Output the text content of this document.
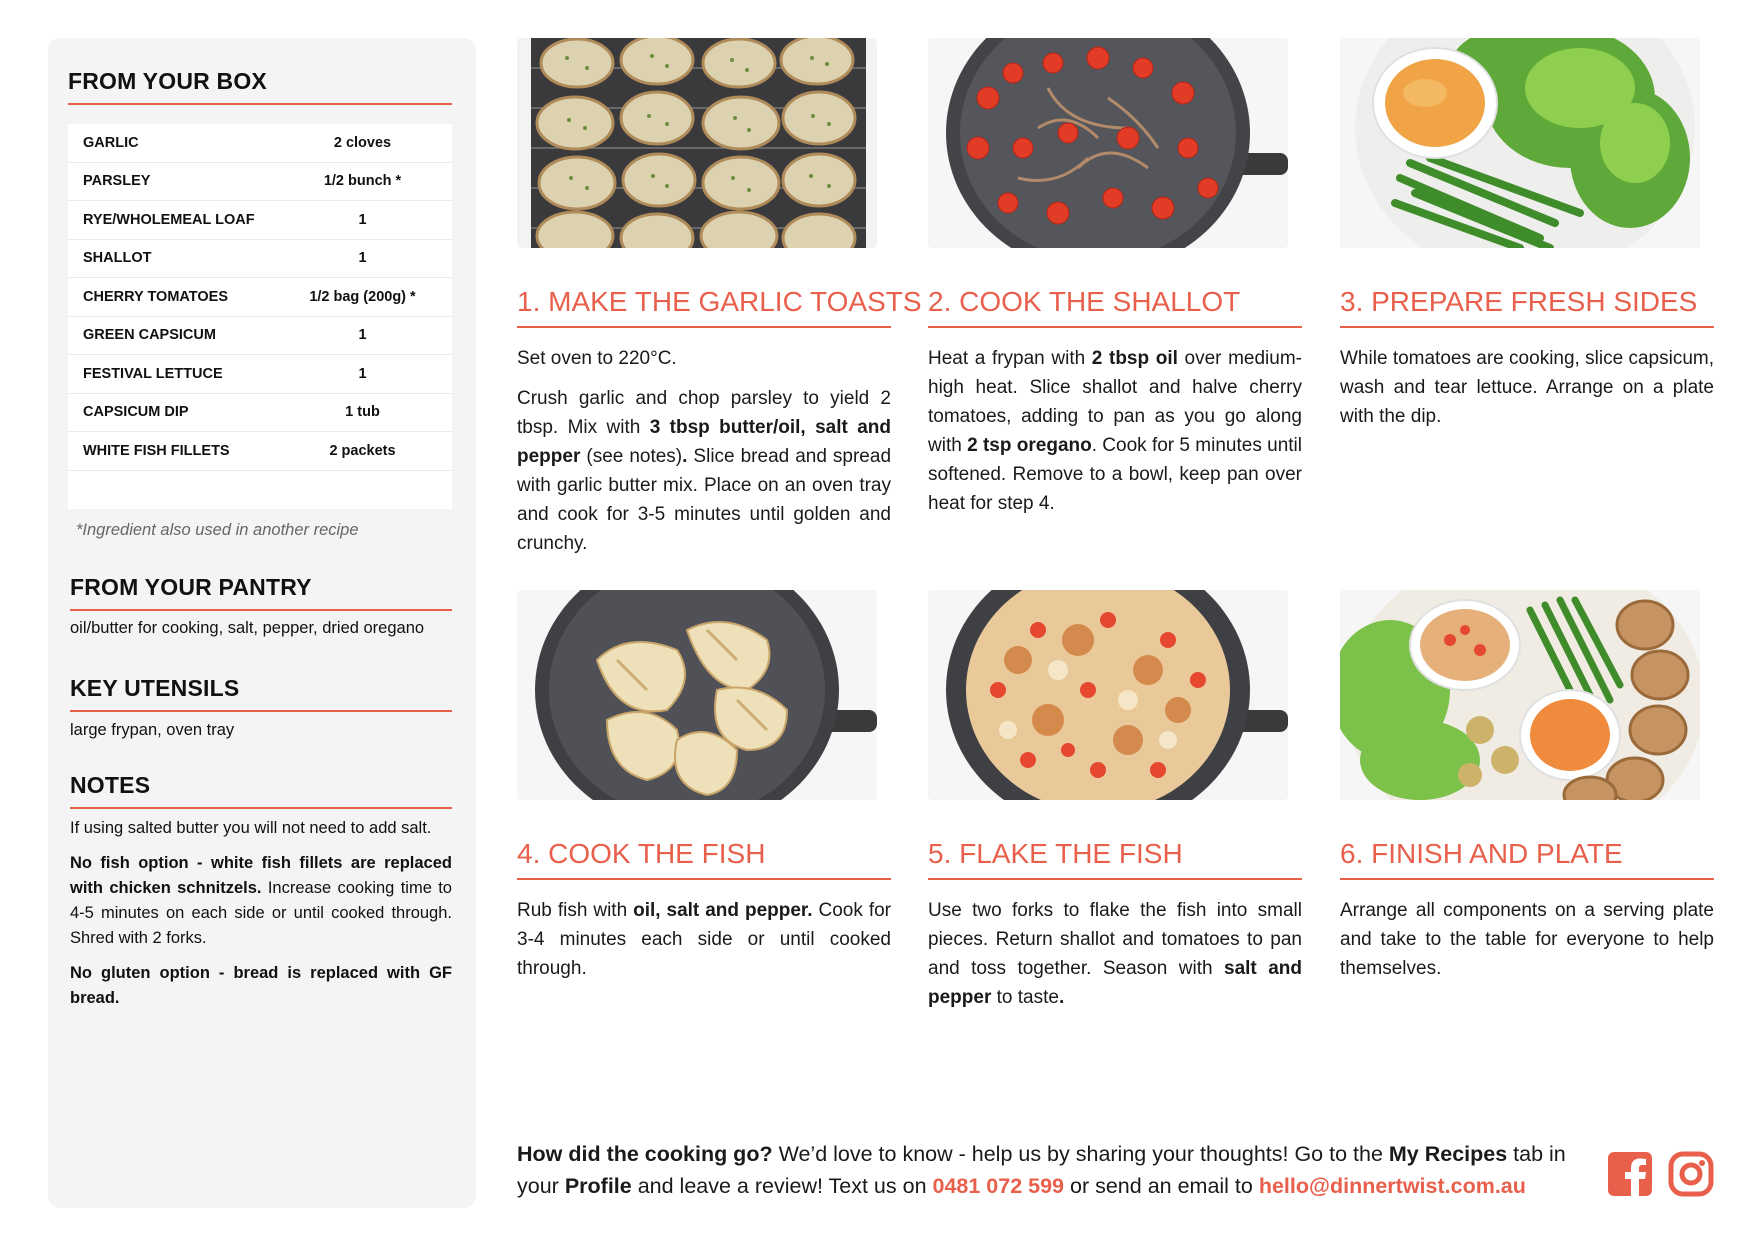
FROM YOUR BOX
GARLIC	2 cloves
PARSLEY	1/2 bunch *
RYE/WHOLEMEAL LOAF	1
SHALLOT	1
CHERRY TOMATOES	1/2 bag (200g) *
GREEN CAPSICUM	1
FESTIVAL LETTUCE	1
CAPSICUM DIP	1 tub
WHITE FISH FILLETS	2 packets
*Ingredient also used in another recipe
FROM YOUR PANTRY
oil/butter for cooking, salt, pepper, dried oregano
KEY UTENSILS
large frypan, oven tray
NOTES

If using salted butter you will not need to add salt.

No fish option - white fish fillets are replaced with chicken schnitzels. Increase cooking time to 4-5 minutes on each side or until cooked through. Shred with 2 forks.

No gluten option - bread is replaced with GF bread.

1. MAKE THE GARLIC TOASTS

Set oven to 220°C.

Crush garlic and chop parsley to yield 2 tbsp. Mix with 3 tbsp butter/oil, salt and pepper (see notes). Slice bread and spread with garlic butter mix. Place on an oven tray and cook for 3-5 minutes until golden and crunchy.

2. COOK THE SHALLOT

Heat a frypan with 2 tbsp oil over medium-high heat. Slice shallot and halve cherry tomatoes, adding to pan as you go along with 2 tsp oregano. Cook for 5 minutes until softened. Remove to a bowl, keep pan over heat for step 4.

3. PREPARE FRESH SIDES

While tomatoes are cooking, slice capsicum, wash and tear lettuce. Arrange on a plate with the dip.

4. COOK THE FISH

Rub fish with oil, salt and pepper. Cook for 3-4 minutes each side or until cooked through.

5. FLAKE THE FISH

Use two forks to flake the fish into small pieces. Return shallot and tomatoes to pan and toss together. Season with salt and pepper to taste.

6. FINISH AND PLATE

Arrange all components on a serving plate and take to the table for everyone to help themselves.

How did the cooking go? We’d love to know - help us by sharing your thoughts! Go to the My Recipes tab in your Profile and leave a review! Text us on 0481 072 599 or send an email to hello@dinnertwist.com.au
